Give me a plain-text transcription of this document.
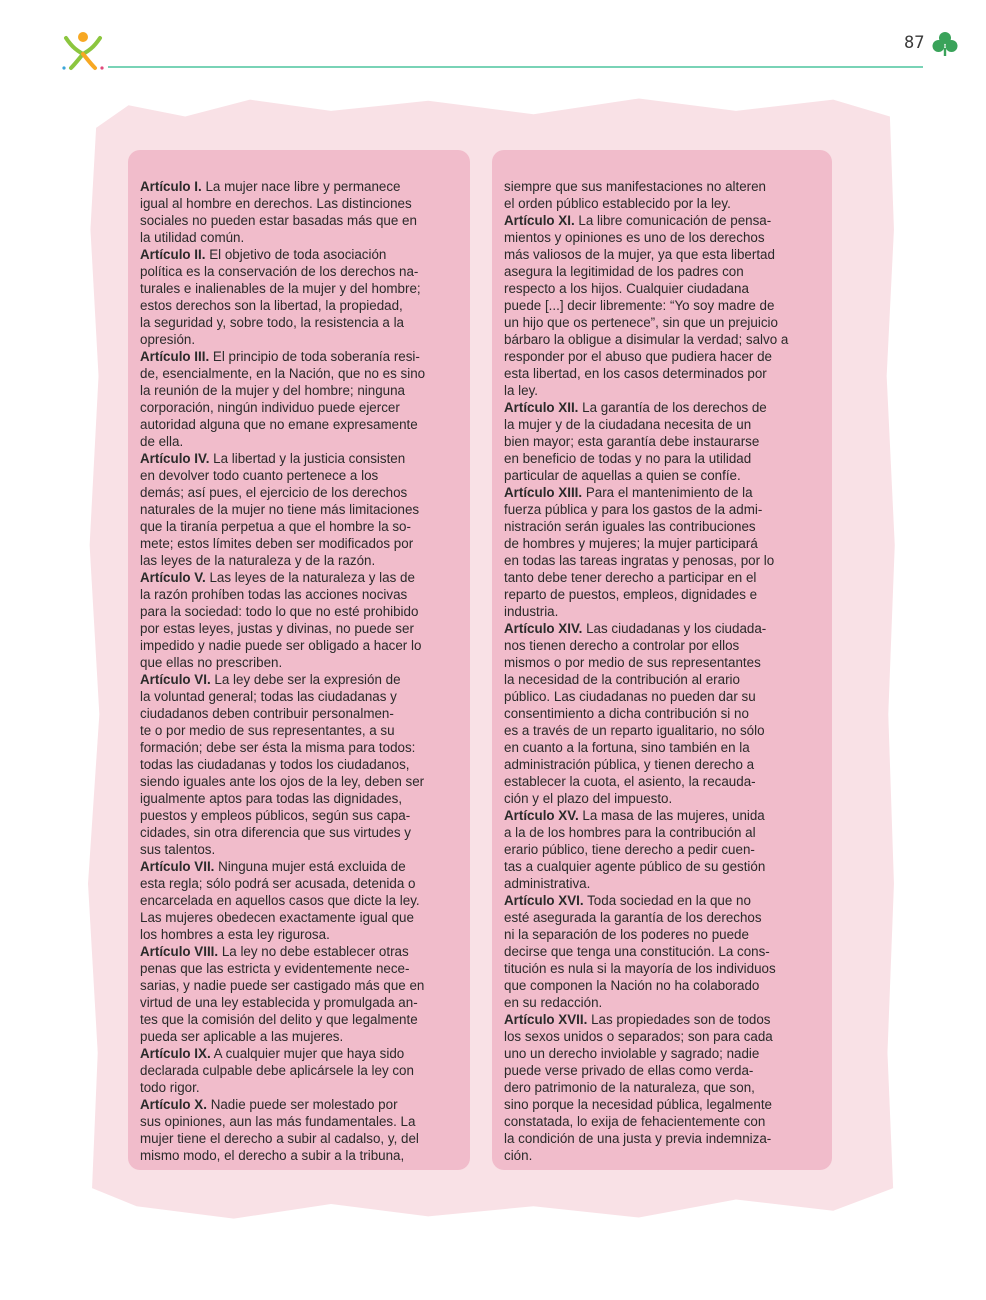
87
Artículo I. La mujer nace libre y permanece
igual al hombre en derechos. Las distinciones
sociales no pueden estar basadas más que en
la utilidad común.
Artículo II. El objetivo de toda asociación
política es la conservación de los derechos na-
turales e inalienables de la mujer y del hombre;
estos derechos son la libertad, la propiedad,
la seguridad y, sobre todo, la resistencia a la
opresión.
Artículo III. El principio de toda soberanía resi-
de, esencialmente, en la Nación, que no es sino
la reunión de la mujer y del hombre; ninguna
corporación, ningún individuo puede ejercer
autoridad alguna que no emane expresamente
de ella.
Artículo IV. La libertad y la justicia consisten
en devolver todo cuanto pertenece a los
demás; así pues, el ejercicio de los derechos
naturales de la mujer no tiene más limitaciones
que la tiranía perpetua a que el hombre la so-
mete; estos límites deben ser modificados por
las leyes de la naturaleza y de la razón.
Artículo V. Las leyes de la naturaleza y las de
la razón prohíben todas las acciones nocivas
para la sociedad: todo lo que no esté prohibido
por estas leyes, justas y divinas, no puede ser
impedido y nadie puede ser obligado a hacer lo
que ellas no prescriben.
Artículo VI. La ley debe ser la expresión de
la voluntad general; todas las ciudadanas y
ciudadanos deben contribuir personalmen-
te o por medio de sus representantes, a su
formación; debe ser ésta la misma para todos:
todas las ciudadanas y todos los ciudadanos,
siendo iguales ante los ojos de la ley, deben ser
igualmente aptos para todas las dignidades,
puestos y empleos públicos, según sus capa-
cidades, sin otra diferencia que sus virtudes y
sus talentos.
Artículo VII. Ninguna mujer está excluida de
esta regla; sólo podrá ser acusada, detenida o
encarcelada en aquellos casos que dicte la ley.
Las mujeres obedecen exactamente igual que
los hombres a esta ley rigurosa.
Artículo VIII. La ley no debe establecer otras
penas que las estricta y evidentemente nece-
sarias, y nadie puede ser castigado más que en
virtud de una ley establecida y promulgada an-
tes que la comisión del delito y que legalmente
pueda ser aplicable a las mujeres.
Artículo IX. A cualquier mujer que haya sido
declarada culpable debe aplicársele la ley con
todo rigor.
Artículo X. Nadie puede ser molestado por
sus opiniones, aun las más fundamentales. La
mujer tiene el derecho a subir al cadalso, y, del
mismo modo, el derecho a subir a la tribuna,
siempre que sus manifestaciones no alteren
el orden público establecido por la ley.
Artículo XI. La libre comunicación de pensa-
mientos y opiniones es uno de los derechos
más valiosos de la mujer, ya que esta libertad
asegura la legitimidad de los padres con
respecto a los hijos. Cualquier ciudadana
puede [...] decir libremente: “Yo soy madre de
un hijo que os pertenece”, sin que un prejuicio
bárbaro la obligue a disimular la verdad; salvo a
responder por el abuso que pudiera hacer de
esta libertad, en los casos determinados por
la ley.
Artículo XII. La garantía de los derechos de
la mujer y de la ciudadana necesita de un
bien mayor; esta garantía debe instaurarse
en beneficio de todas y no para la utilidad
particular de aquellas a quien se confíe.
Artículo XIII. Para el mantenimiento de la
fuerza pública y para los gastos de la admi-
nistración serán iguales las contribuciones
de hombres y mujeres; la mujer participará
en todas las tareas ingratas y penosas, por lo
tanto debe tener derecho a participar en el
reparto de puestos, empleos, dignidades e
industria.
Artículo XIV. Las ciudadanas y los ciudada-
nos tienen derecho a controlar por ellos
mismos o por medio de sus representantes
la necesidad de la contribución al erario
público. Las ciudadanas no pueden dar su
consentimiento a dicha contribución si no
es a través de un reparto igualitario, no sólo
en cuanto a la fortuna, sino también en la
administración pública, y tienen derecho a
establecer la cuota, el asiento, la recauda-
ción y el plazo del impuesto.
Artículo XV. La masa de las mujeres, unida
a la de los hombres para la contribución al
erario público, tiene derecho a pedir cuen-
tas a cualquier agente público de su gestión
administrativa.
Artículo XVI. Toda sociedad en la que no
esté asegurada la garantía de los derechos
ni la separación de los poderes no puede
decirse que tenga una constitución. La cons-
titución es nula si la mayoría de los individuos
que componen la Nación no ha colaborado
en su redacción.
Artículo XVII. Las propiedades son de todos
los sexos unidos o separados; son para cada
uno un derecho inviolable y sagrado; nadie
puede verse privado de ellas como verda-
dero patrimonio de la naturaleza, que son,
sino porque la necesidad pública, legalmente
constatada, lo exija de fehacientemente con
la condición de una justa y previa indemniza-
ción.
